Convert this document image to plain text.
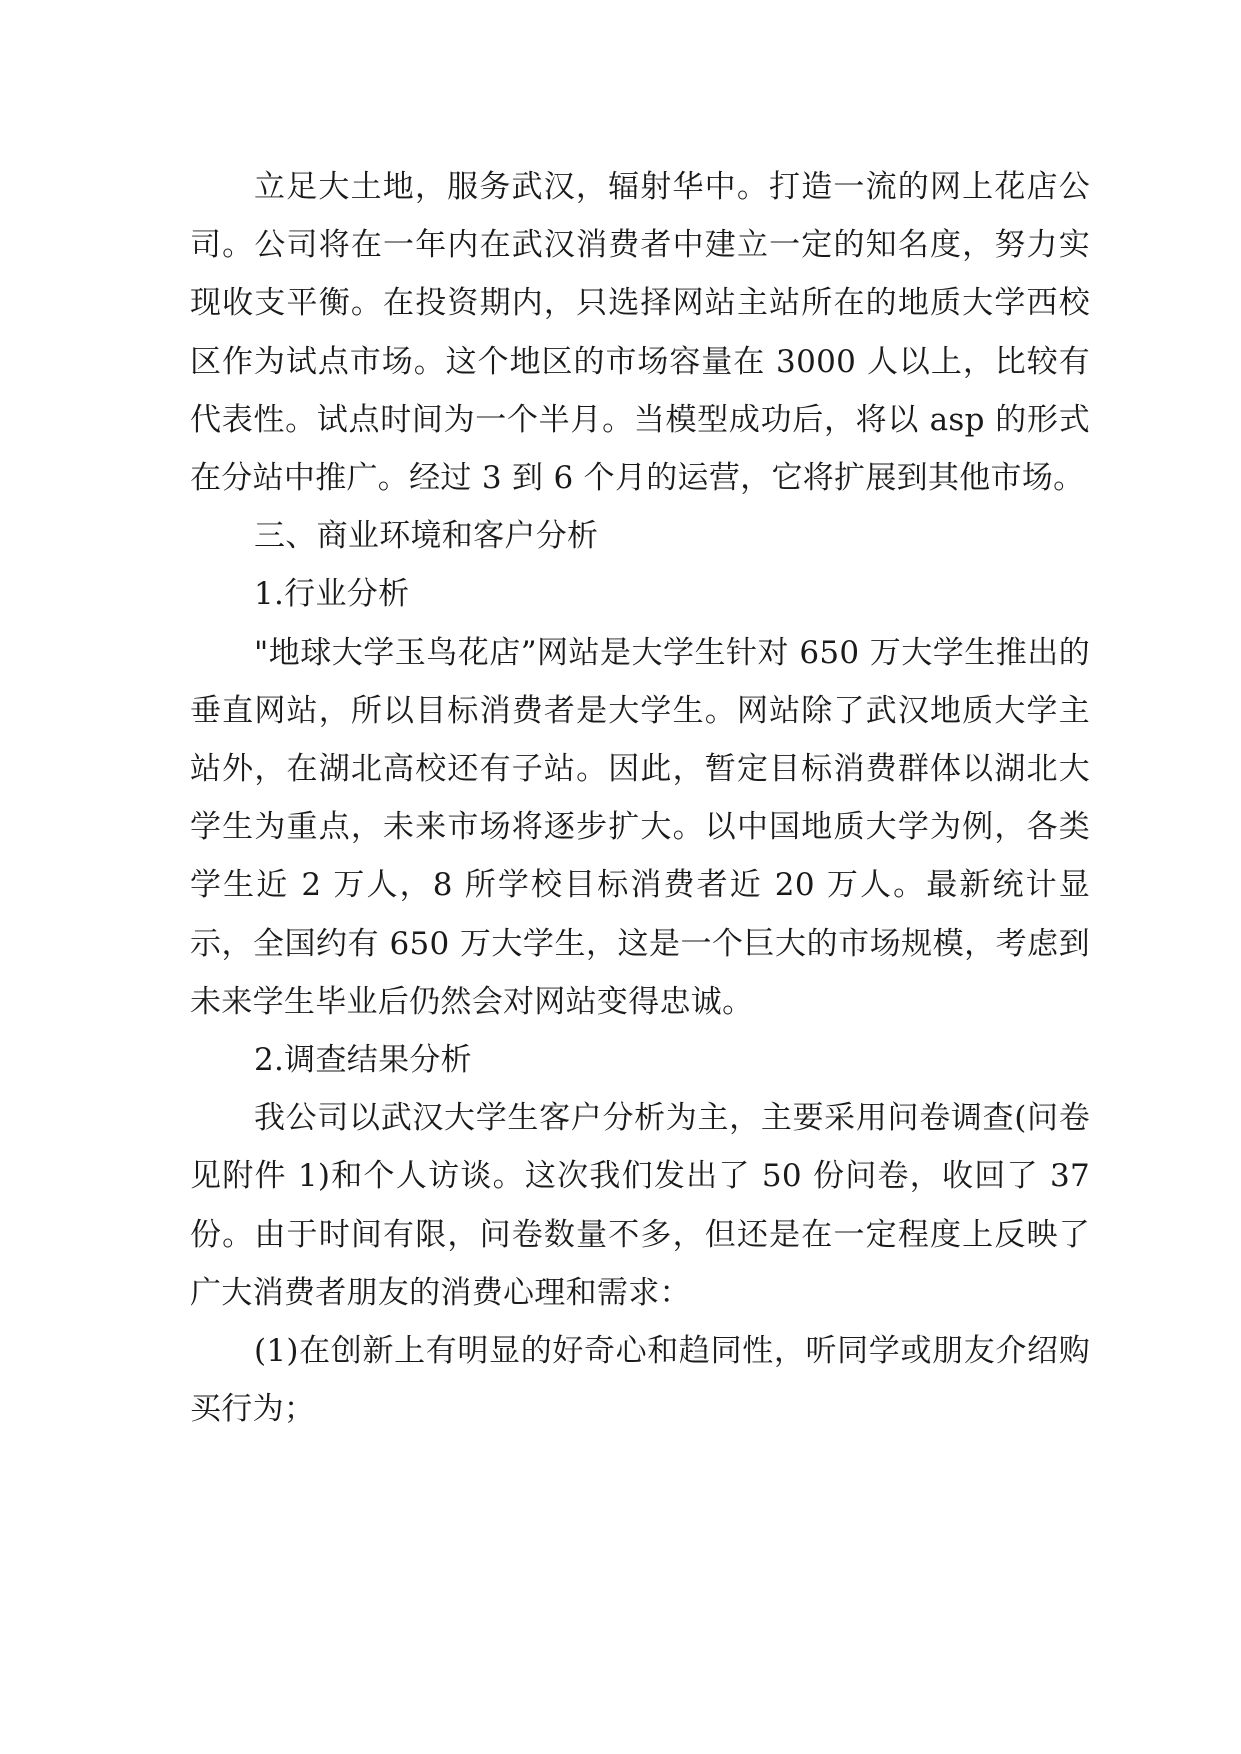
立足大土地，服务武汉，辐射华中。打造一流的网上花店公司。公司将在一年内在武汉消费者中建立一定的知名度，努力实现收支平衡。在投资期内，只选择网站主站所在的地质大学西校区作为试点市场。这个地区的市场容量在 3000 人以上，比较有代表性。试点时间为一个半月。当模型成功后，将以 asp 的形式在分站中推广。经过 3 到 6 个月的运营，它将扩展到其他市场。

三、商业环境和客户分析

1.行业分析

"地球大学玉鸟花店”网站是大学生针对 650 万大学生推出的垂直网站，所以目标消费者是大学生。网站除了武汉地质大学主站外，在湖北高校还有子站。因此，暂定目标消费群体以湖北大学生为重点，未来市场将逐步扩大。以中国地质大学为例，各类学生近 2 万人，8 所学校目标消费者近 20 万人。最新统计显示，全国约有 650 万大学生，这是一个巨大的市场规模，考虑到未来学生毕业后仍然会对网站变得忠诚。

2.调查结果分析

我公司以武汉大学生客户分析为主，主要采用问卷调查(问卷见附件 1)和个人访谈。这次我们发出了 50 份问卷，收回了 37 份。由于时间有限，问卷数量不多，但还是在一定程度上反映了广大消费者朋友的消费心理和需求：

(1)在创新上有明显的好奇心和趋同性，听同学或朋友介绍购买行为；
